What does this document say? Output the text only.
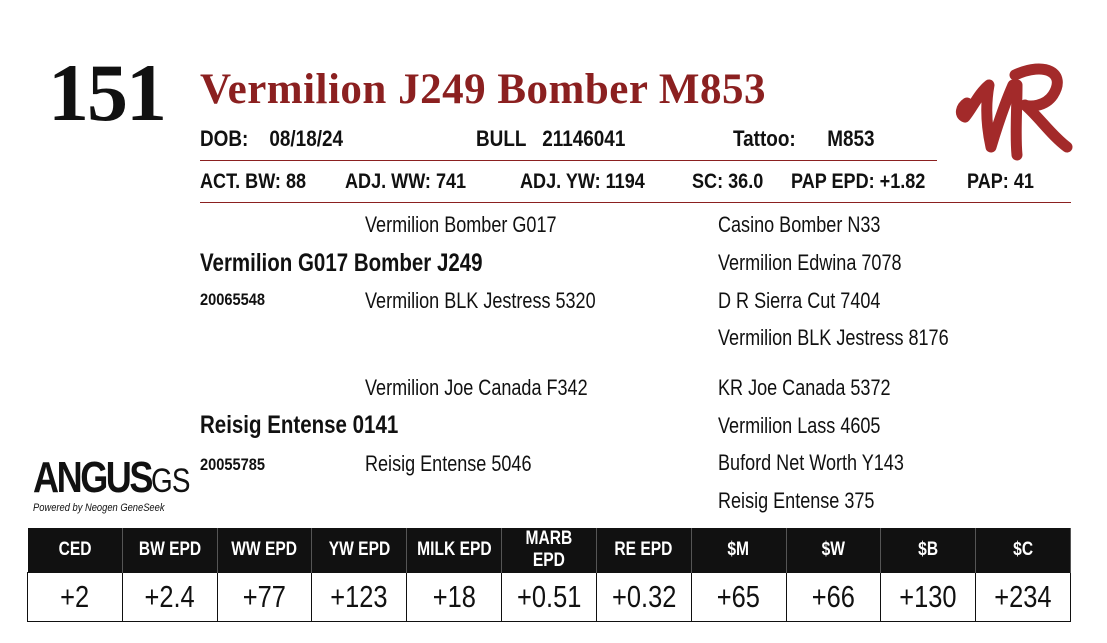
151 Vermilion J249 Bomber M853
VR
DOB: 08/18/24	BULL 21146041	Tattoo: M853
ACT. BW: 88 ADJ. WW: 741	ADJ. YW: 1194 SC: 36.0 PAP EPD: +1.82 PAP: 41
Vermilion Bomber G017
Vermilion G017 Bomber J249
20065548	Vermilion BLK Jestress 5320
Casino Bomber N33
Vermilion Edwina 7078
D R Sierra Cut 7404
Vermilion BLK Jestress 8176
Vermilion Joe Canada F342
Reisig Entense 0141
20055785	Reisig Entense 5046
KR Joe Canada 5372
Vermilion Lass 4605
Buford Net Worth Y143
Reisig Entense 375
ANGUSGS
Powered by Neogen GeneSeek
CED	BW EPD	WW EPD	YW EPD	MILK EPD	MARB EPD	RE EPD	$M	$W	$B	$C
+2	+2.4	+77	+123	+18	+0.51	+0.32	+65	+66	+130	+234
